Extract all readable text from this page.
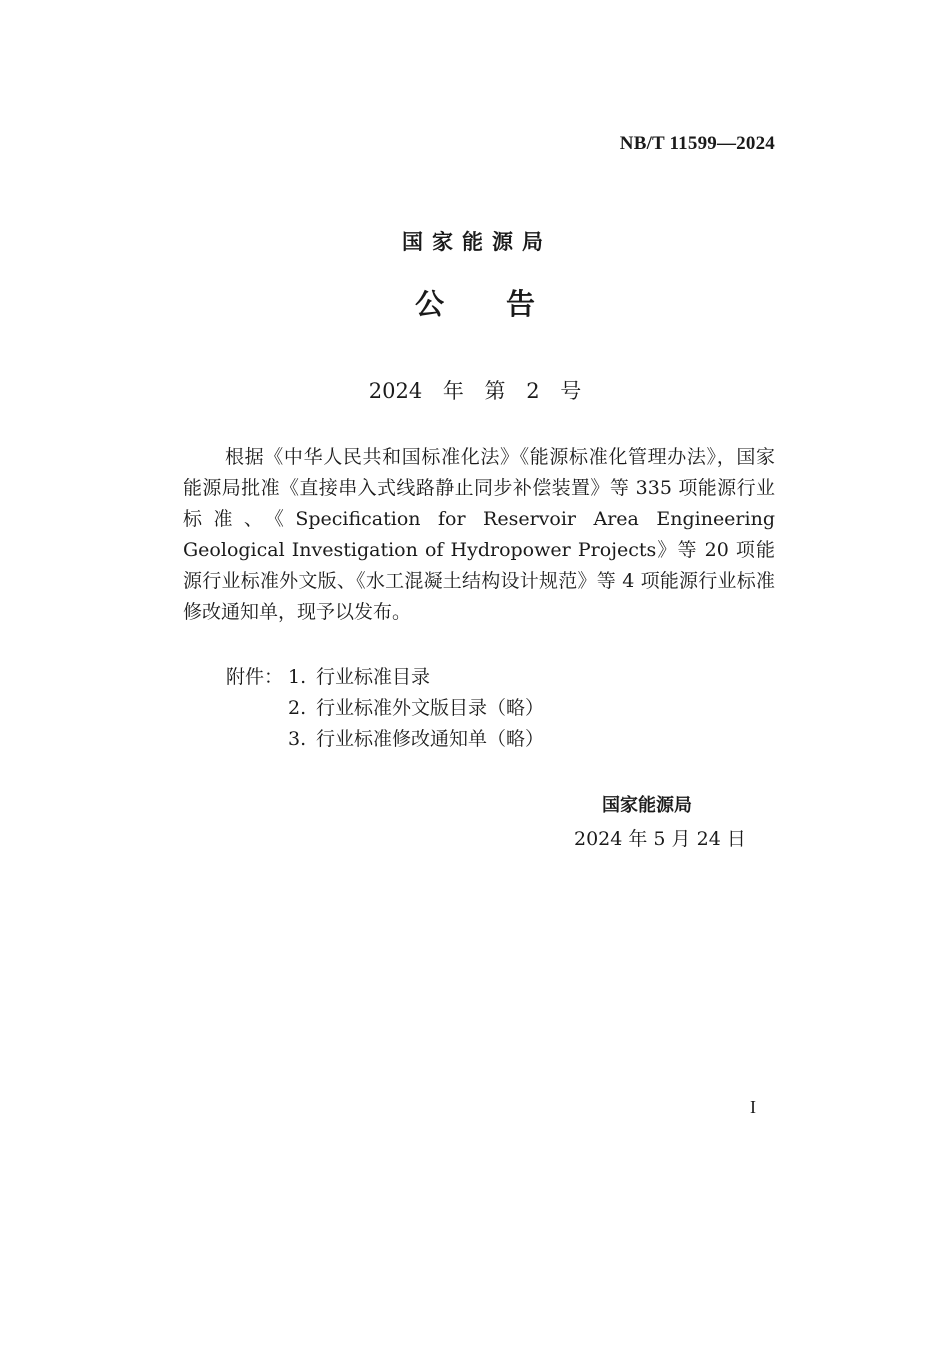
NB/T 11599—2024
国家能源局
公告
2024 年 第 2 号

根据《中华人民共和国标准化法》《能源标准化管理办法》，国家能源局批准《直接串入式线路静止同步补偿装置》等 335 项能源行业标准、《Specification for Reservoir Area Engineering Geological Investigation of Hydropower Projects》等 20 项能源行业标准外文版、《水工混凝土结构设计规范》等 4 项能源行业标准修改通知单，现予以发布。

附件： 1. 行业标准目录
2. 行业标准外文版目录（略）
3. 行业标准修改通知单（略）
国家能源局
2024 年 5 月 24 日
I
